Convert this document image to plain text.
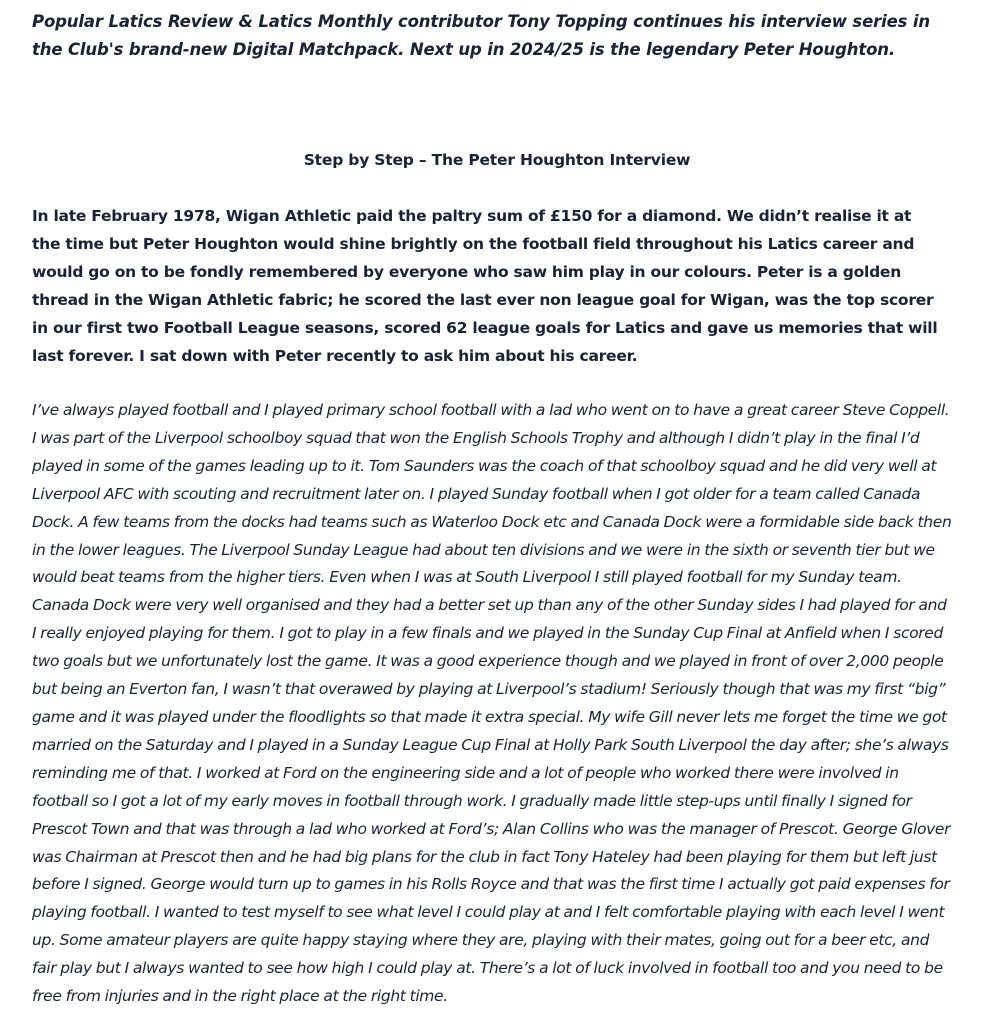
Popular Latics Review & Latics Monthly contributor Tony Topping continues his interview series in the Club's brand-new Digital Matchpack. Next up in 2024/25 is the legendary Peter Houghton.

Step by Step – The Peter Houghton Interview

In late February 1978, Wigan Athletic paid the paltry sum of £150 for a diamond. We didn’t realise it at the time but Peter Houghton would shine brightly on the football field throughout his Latics career and would go on to be fondly remembered by everyone who saw him play in our colours. Peter is a golden thread in the Wigan Athletic fabric; he scored the last ever non league goal for Wigan, was the top scorer in our first two Football League seasons, scored 62 league goals for Latics and gave us memories that will last forever. I sat down with Peter recently to ask him about his career.

I’ve always played football and I played primary school football with a lad who went on to have a great career Steve Coppell. I was part of the Liverpool schoolboy squad that won the English Schools Trophy and although I didn’t play in the final I’d played in some of the games leading up to it. Tom Saunders was the coach of that schoolboy squad and he did very well at Liverpool AFC with scouting and recruitment later on. I played Sunday football when I got older for a team called Canada Dock. A few teams from the docks had teams such as Waterloo Dock etc and Canada Dock were a formidable side back then in the lower leagues. The Liverpool Sunday League had about ten divisions and we were in the sixth or seventh tier but we would beat teams from the higher tiers. Even when I was at South Liverpool I still played football for my Sunday team. Canada Dock were very well organised and they had a better set up than any of the other Sunday sides I had played for and I really enjoyed playing for them. I got to play in a few finals and we played in the Sunday Cup Final at Anfield when I scored two goals but we unfortunately lost the game. It was a good experience though and we played in front of over 2,000 people but being an Everton fan, I wasn’t that overawed by playing at Liverpool’s stadium! Seriously though that was my first “big” game and it was played under the floodlights so that made it extra special. My wife Gill never lets me forget the time we got married on the Saturday and I played in a Sunday League Cup Final at Holly Park South Liverpool the day after; she’s always reminding me of that. I worked at Ford on the engineering side and a lot of people who worked there were involved in football so I got a lot of my early moves in football through work. I gradually made little step-ups until finally I signed for Prescot Town and that was through a lad who worked at Ford’s; Alan Collins who was the manager of Prescot. George Glover was Chairman at Prescot then and he had big plans for the club in fact Tony Hateley had been playing for them but left just before I signed. George would turn up to games in his Rolls Royce and that was the first time I actually got paid expenses for playing football. I wanted to test myself to see what level I could play at and I felt comfortable playing with each level I went up. Some amateur players are quite happy staying where they are, playing with their mates, going out for a beer etc, and fair play but I always wanted to see how high I could play at. There’s a lot of luck involved in football too and you need to be free from injuries and in the right place at the right time.
